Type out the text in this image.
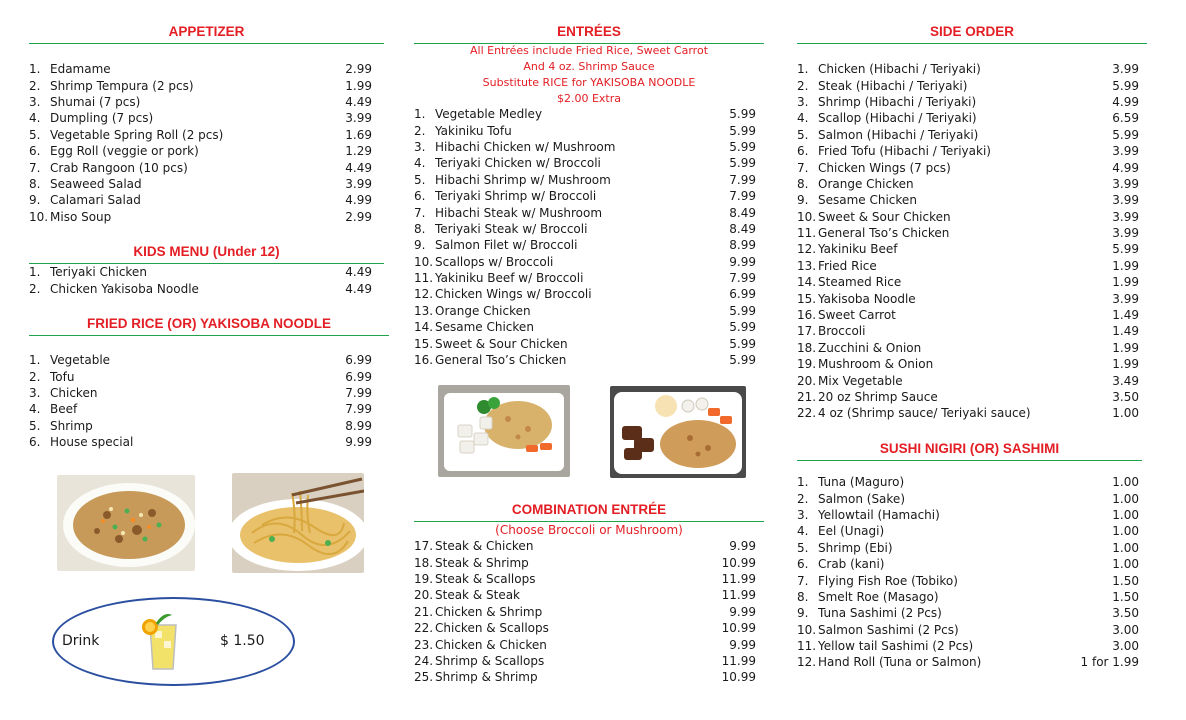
APPETIZER
1. Edamame	2.99
2. Shrimp Tempura (2 pcs)	1.99
3. Shumai (7 pcs)	4.49
4. Dumpling (7 pcs)	3.99
5. Vegetable Spring Roll (2 pcs)	1.69
6. Egg Roll (veggie or pork)	1.29
7. Crab Rangoon (10 pcs)	4.49
8. Seaweed Salad	3.99
9. Calamari Salad	4.99
10. Miso Soup	2.99
KIDS MENU (Under 12)
1. Teriyaki Chicken	4.49
2. Chicken Yakisoba Noodle	4.49
FRIED RICE (OR) YAKISOBA NOODLE
1. Vegetable	6.99
2. Tofu	6.99
3. Chicken	7.99
4. Beef	7.99
5. Shrimp	8.99
6. House special	9.99
Drink	$ 1.50
ENTRÉES
All Entrées include Fried Rice, Sweet Carrot
And 4 oz. Shrimp Sauce
Substitute RICE for YAKISOBA NOODLE
$2.00 Extra
1. Vegetable Medley	5.99
2. Yakiniku Tofu	5.99
3. Hibachi Chicken w/ Mushroom	5.99
4. Teriyaki Chicken w/ Broccoli	5.99
5. Hibachi Shrimp w/ Mushroom	7.99
6. Teriyaki Shrimp w/ Broccoli	7.99
7. Hibachi Steak w/ Mushroom	8.49
8. Teriyaki Steak w/ Broccoli	8.49
9. Salmon Filet w/ Broccoli	8.99
10. Scallops w/ Broccoli	9.99
11. Yakiniku Beef w/ Broccoli	7.99
12. Chicken Wings w/ Broccoli	6.99
13. Orange Chicken	5.99
14. Sesame Chicken	5.99
15. Sweet & Sour Chicken	5.99
16. General Tso’s Chicken	5.99
COMBINATION ENTRÉE
(Choose Broccoli or Mushroom)
17. Steak & Chicken	9.99
18. Steak & Shrimp	10.99
19. Steak & Scallops	11.99
20. Steak & Steak	11.99
21. Chicken & Shrimp	9.99
22. Chicken & Scallops	10.99
23. Chicken & Chicken	9.99
24. Shrimp & Scallops	11.99
25. Shrimp & Shrimp	10.99
SIDE ORDER
1. Chicken (Hibachi / Teriyaki)	3.99
2. Steak (Hibachi / Teriyaki)	5.99
3. Shrimp (Hibachi / Teriyaki)	4.99
4. Scallop (Hibachi / Teriyaki)	6.59
5. Salmon (Hibachi / Teriyaki)	5.99
6. Fried Tofu (Hibachi / Teriyaki)	3.99
7. Chicken Wings (7 pcs)	4.99
8. Orange Chicken	3.99
9. Sesame Chicken	3.99
10. Sweet & Sour Chicken	3.99
11. General Tso’s Chicken	3.99
12. Yakiniku Beef	5.99
13. Fried Rice	1.99
14. Steamed Rice	1.99
15. Yakisoba Noodle	3.99
16. Sweet Carrot	1.49
17. Broccoli	1.49
18. Zucchini & Onion	1.99
19. Mushroom & Onion	1.99
20. Mix Vegetable	3.49
21. 20 oz Shrimp Sauce	3.50
22. 4 oz (Shrimp sauce/ Teriyaki sauce)	1.00
SUSHI NIGIRI (OR) SASHIMI
1. Tuna (Maguro)	1.00
2. Salmon (Sake)	1.00
3. Yellowtail (Hamachi)	1.00
4. Eel (Unagi)	1.00
5. Shrimp (Ebi)	1.00
6. Crab (kani)	1.00
7. Flying Fish Roe (Tobiko)	1.50
8. Smelt Roe (Masago)	1.50
9. Tuna Sashimi (2 Pcs)	3.50
10. Salmon Sashimi (2 Pcs)	3.00
11. Yellow tail Sashimi (2 Pcs)	3.00
12. Hand Roll (Tuna or Salmon)	1 for 1.99
